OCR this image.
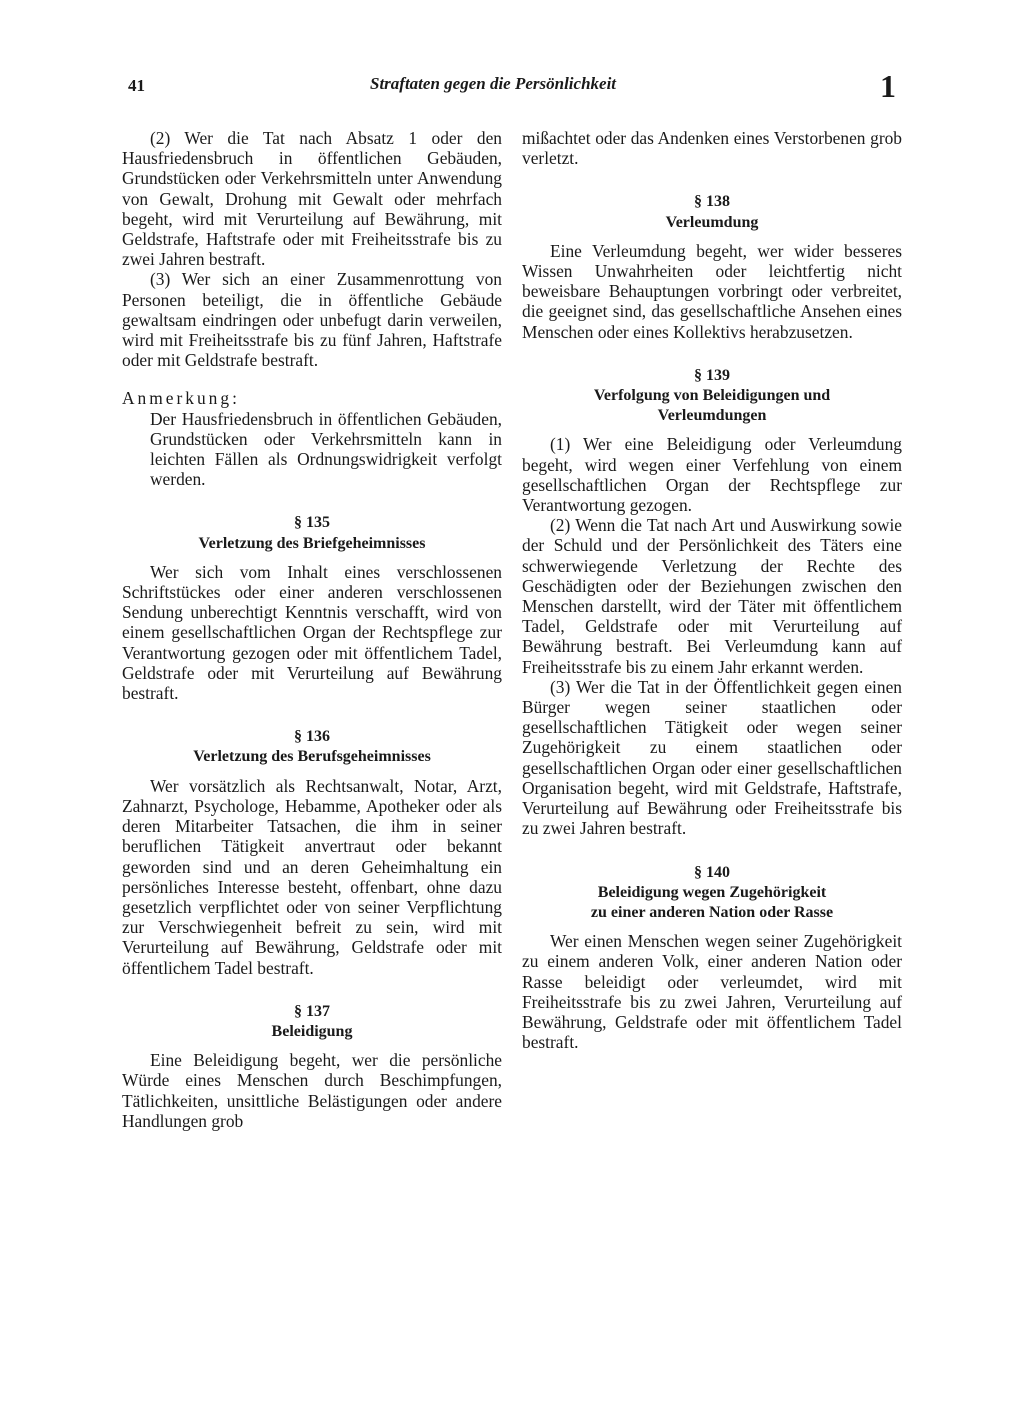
41	Straftaten gegen die Persönlichkeit	1

(2) Wer die Tat nach Absatz 1 oder den Hausfriedensbruch in öffentlichen Gebäuden, Grundstücken oder Verkehrsmitteln unter Anwendung von Gewalt, Drohung mit Gewalt oder mehrfach begeht, wird mit Verurteilung auf Bewährung, mit Geldstrafe, Haftstrafe oder mit Freiheitsstrafe bis zu zwei Jahren bestraft.

(3) Wer sich an einer Zusammenrottung von Personen beteiligt, die in öffentliche Gebäude gewaltsam eindringen oder unbefugt darin verweilen, wird mit Freiheitsstrafe bis zu fünf Jahren, Haftstrafe oder mit Geldstrafe bestraft.

Anmerkung:

Der Hausfriedensbruch in öffentlichen Gebäuden, Grundstücken oder Verkehrsmitteln kann in leichten Fällen als Ordnungswidrigkeit verfolgt werden.

§ 135
Verletzung des Briefgeheimnisses

Wer sich vom Inhalt eines verschlossenen Schriftstückes oder einer anderen verschlossenen Sendung unberechtigt Kenntnis verschafft, wird von einem gesellschaftlichen Organ der Rechtspflege zur Verantwortung gezogen oder mit öffentlichem Tadel, Geldstrafe oder mit Verurteilung auf Bewährung bestraft.

§ 136
Verletzung des Berufsgeheimnisses

Wer vorsätzlich als Rechtsanwalt, Notar, Arzt, Zahnarzt, Psychologe, Hebamme, Apotheker oder als deren Mitarbeiter Tatsachen, die ihm in seiner beruflichen Tätigkeit anvertraut oder bekannt geworden sind und an deren Geheimhaltung ein persönliches Interesse besteht, offenbart, ohne dazu gesetzlich verpflichtet oder von seiner Verpflichtung zur Verschwiegenheit befreit zu sein, wird mit Verurteilung auf Bewährung, Geldstrafe oder mit öffentlichem Tadel bestraft.

§ 137
Beleidigung

Eine Beleidigung begeht, wer die persönliche Würde eines Menschen durch Beschimpfungen, Tätlichkeiten, unsittliche Belästigungen oder andere Handlungen grob

mißachtet oder das Andenken eines Verstorbenen grob verletzt.

§ 138
Verleumdung

Eine Verleumdung begeht, wer wider besseres Wissen Unwahrheiten oder leichtfertig nicht beweisbare Behauptungen vorbringt oder verbreitet, die geeignet sind, das gesellschaftliche Ansehen eines Menschen oder eines Kollektivs herabzusetzen.

§ 139
Verfolgung von Beleidigungen und
Verleumdungen

(1) Wer eine Beleidigung oder Verleumdung begeht, wird wegen einer Verfehlung von einem gesellschaftlichen Organ der Rechtspflege zur Verantwortung gezogen.

(2) Wenn die Tat nach Art und Auswirkung sowie der Schuld und der Persönlichkeit des Täters eine schwerwiegende Verletzung der Rechte des Geschädigten oder der Beziehungen zwischen den Menschen darstellt, wird der Täter mit öffentlichem Tadel, Geldstrafe oder mit Verurteilung auf Bewährung bestraft. Bei Verleumdung kann auf Freiheitsstrafe bis zu einem Jahr erkannt werden.

(3) Wer die Tat in der Öffentlichkeit gegen einen Bürger wegen seiner staatlichen oder gesellschaftlichen Tätigkeit oder wegen seiner Zugehörigkeit zu einem staatlichen oder gesellschaftlichen Organ oder einer gesellschaftlichen Organisation begeht, wird mit Geldstrafe, Haftstrafe, Verurteilung auf Bewährung oder Freiheitsstrafe bis zu zwei Jahren bestraft.

§ 140
Beleidigung wegen Zugehörigkeit
zu einer anderen Nation oder Rasse

Wer einen Menschen wegen seiner Zugehörigkeit zu einem anderen Volk, einer anderen Nation oder Rasse beleidigt oder verleumdet, wird mit Freiheitsstrafe bis zu zwei Jahren, Verurteilung auf Bewährung, Geldstrafe oder mit öffentlichem Tadel bestraft.
